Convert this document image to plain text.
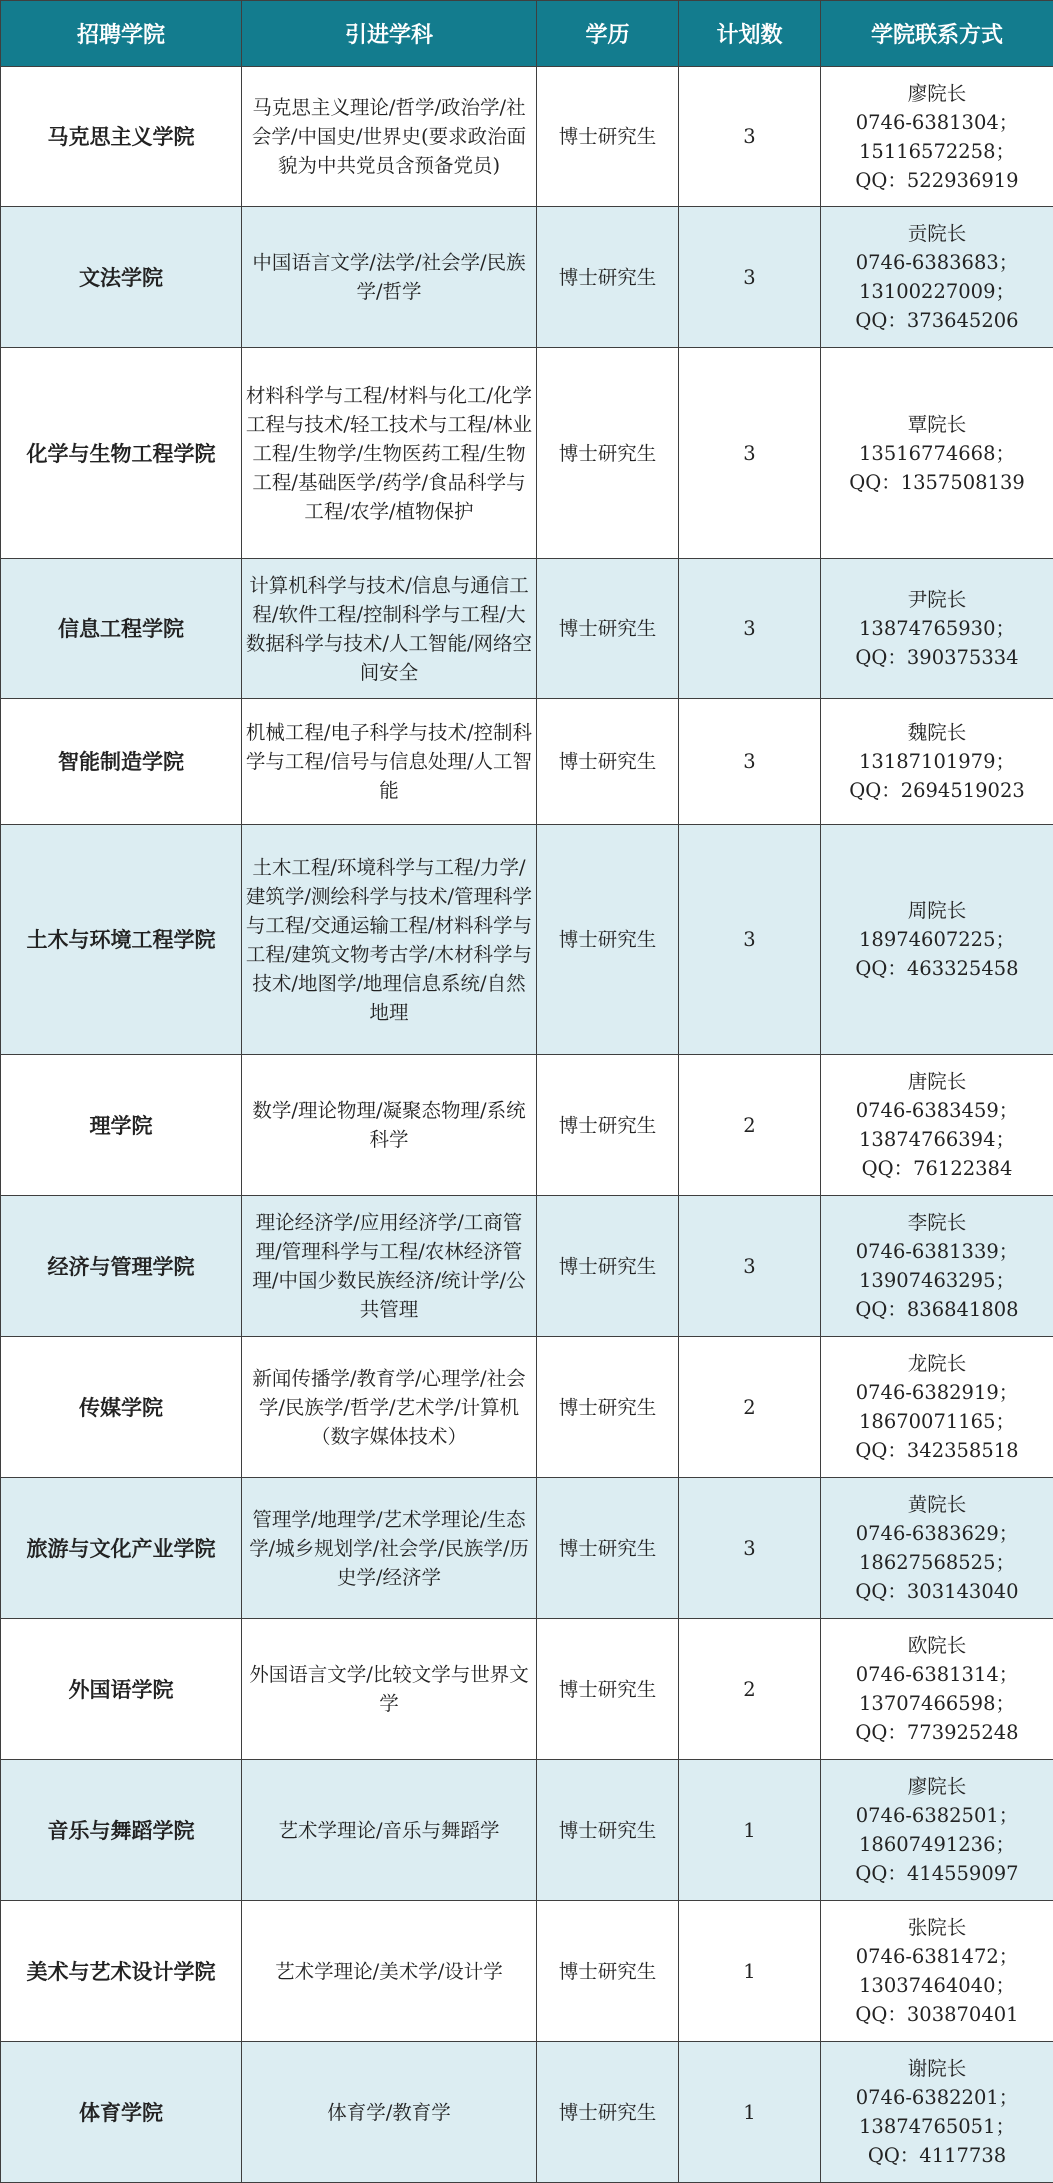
招聘学院	引进学科	学历	计划数	学院联系方式
马克思主义学院	马克思主义理论/哲学/政治学/社会学/中国史/世界史(要求政治面貌为中共党员含预备党员)	博士研究生	3	廖院长
0746-6381304；
15116572258；
QQ：522936919

文法学院	中国语言文学/法学/社会学/民族学/哲学	博士研究生	3	贡院长
0746-6383683；
13100227009；
QQ：373645206

化学与生物工程学院	材料科学与工程/材料与化工/化学工程与技术/轻工技术与工程/林业工程/生物学/生物医药工程/生物工程/基础医学/药学/食品科学与工程/农学/植物保护	博士研究生	3	覃院长
13516774668；
QQ：1357508139

信息工程学院	计算机科学与技术/信息与通信工程/软件工程/控制科学与工程/大数据科学与技术/人工智能/网络空间安全	博士研究生	3	尹院长
13874765930；
QQ：390375334

智能制造学院	机械工程/电子科学与技术/控制科学与工程/信号与信息处理/人工智能	博士研究生	3	魏院长
13187101979；
QQ：2694519023

土木与环境工程学院	土木工程/环境科学与工程/力学/建筑学/测绘科学与技术/管理科学与工程/交通运输工程/材料科学与工程/建筑文物考古学/木材科学与技术/地图学/地理信息系统/自然地理	博士研究生	3	周院长
18974607225；
QQ：463325458

理学院	数学/理论物理/凝聚态物理/系统科学	博士研究生	2	唐院长
0746-6383459；
13874766394；
QQ：76122384

经济与管理学院	理论经济学/应用经济学/工商管理/管理科学与工程/农林经济管理/中国少数民族经济/统计学/公共管理	博士研究生	3	李院长
0746-6381339；
13907463295；
QQ：836841808

传媒学院	新闻传播学/教育学/心理学/社会学/民族学/哲学/艺术学/计算机（数字媒体技术）	博士研究生	2	龙院长
0746-6382919；
18670071165；
QQ：342358518

旅游与文化产业学院	管理学/地理学/艺术学理论/生态学/城乡规划学/社会学/民族学/历史学/经济学	博士研究生	3	黄院长
0746-6383629；
18627568525；
QQ：303143040

外国语学院	外国语言文学/比较文学与世界文学	博士研究生	2	欧院长
0746-6381314；
13707466598；
QQ：773925248

音乐与舞蹈学院	艺术学理论/音乐与舞蹈学	博士研究生	1	廖院长
0746-6382501；
18607491236；
QQ：414559097

美术与艺术设计学院	艺术学理论/美术学/设计学	博士研究生	1	张院长
0746-6381472；
13037464040；
QQ：303870401

体育学院	体育学/教育学	博士研究生	1	谢院长
0746-6382201；
13874765051；
QQ：4117738
